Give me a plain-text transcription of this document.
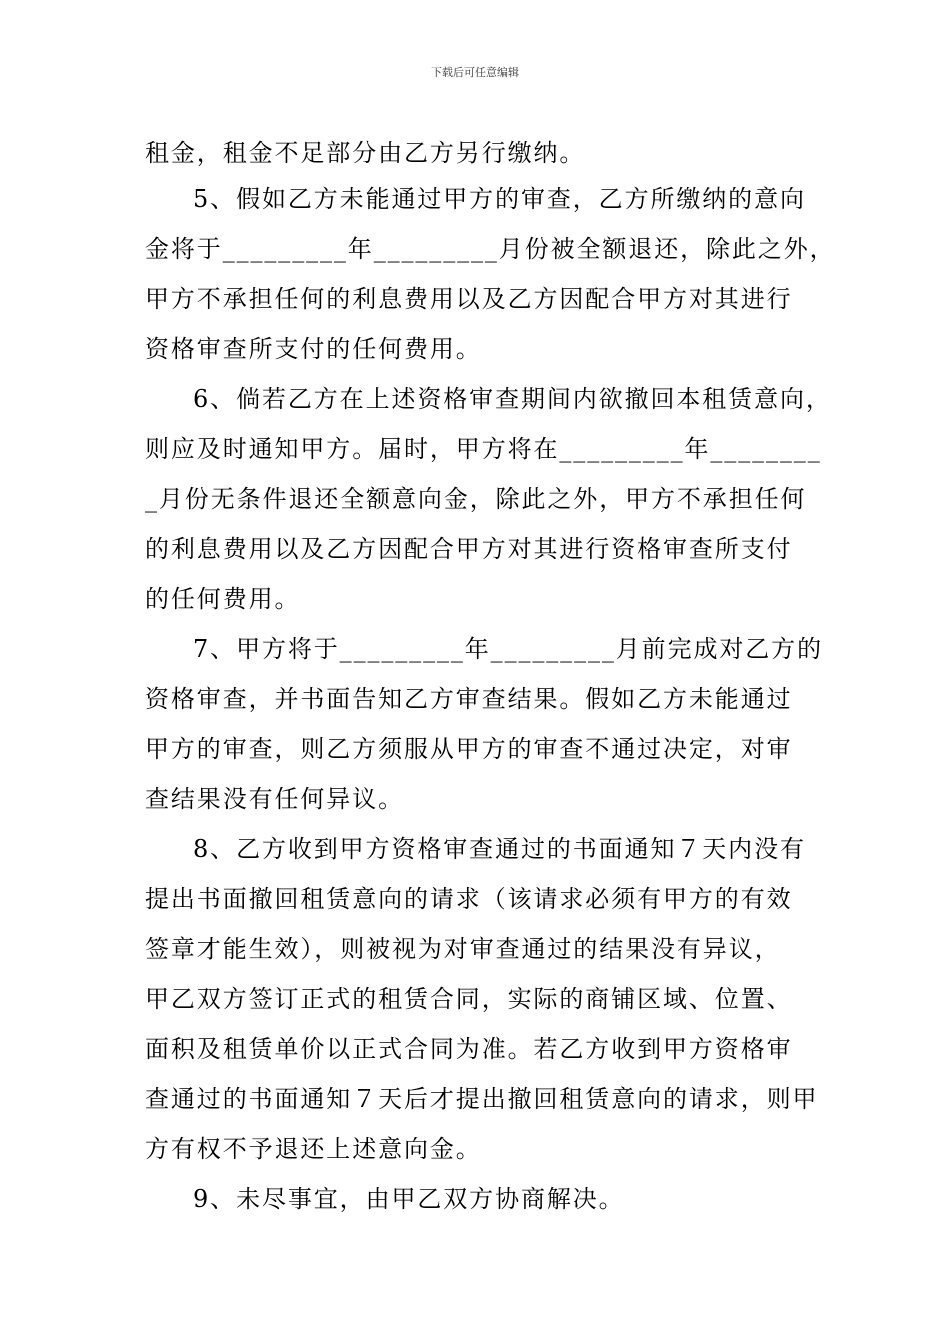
下载后可任意编辑
租金，租金不足部分由乙方另行缴纳。
5、假如乙方未能通过甲方的审查，乙方所缴纳的意向
金将于_________年_________月份被全额退还，除此之外，
甲方不承担任何的利息费用以及乙方因配合甲方对其进行
资格审查所支付的任何费用。
6、倘若乙方在上述资格审查期间内欲撤回本租赁意向，
则应及时通知甲方。届时，甲方将在_________年________
_月份无条件退还全额意向金，除此之外，甲方不承担任何
的利息费用以及乙方因配合甲方对其进行资格审查所支付
的任何费用。
7、甲方将于_________年_________月前完成对乙方的
资格审查，并书面告知乙方审查结果。假如乙方未能通过
甲方的审查，则乙方须服从甲方的审查不通过决定，对审
查结果没有任何异议。
8、乙方收到甲方资格审查通过的书面通知７天内没有
提出书面撤回租赁意向的请求（该请求必须有甲方的有效
签章才能生效），则被视为对审查通过的结果没有异议，
甲乙双方签订正式的租赁合同，实际的商铺区域、位置、
面积及租赁单价以正式合同为准。若乙方收到甲方资格审
查通过的书面通知７天后才提出撤回租赁意向的请求，则甲
方有权不予退还上述意向金。
9、未尽事宜，由甲乙双方协商解决。
